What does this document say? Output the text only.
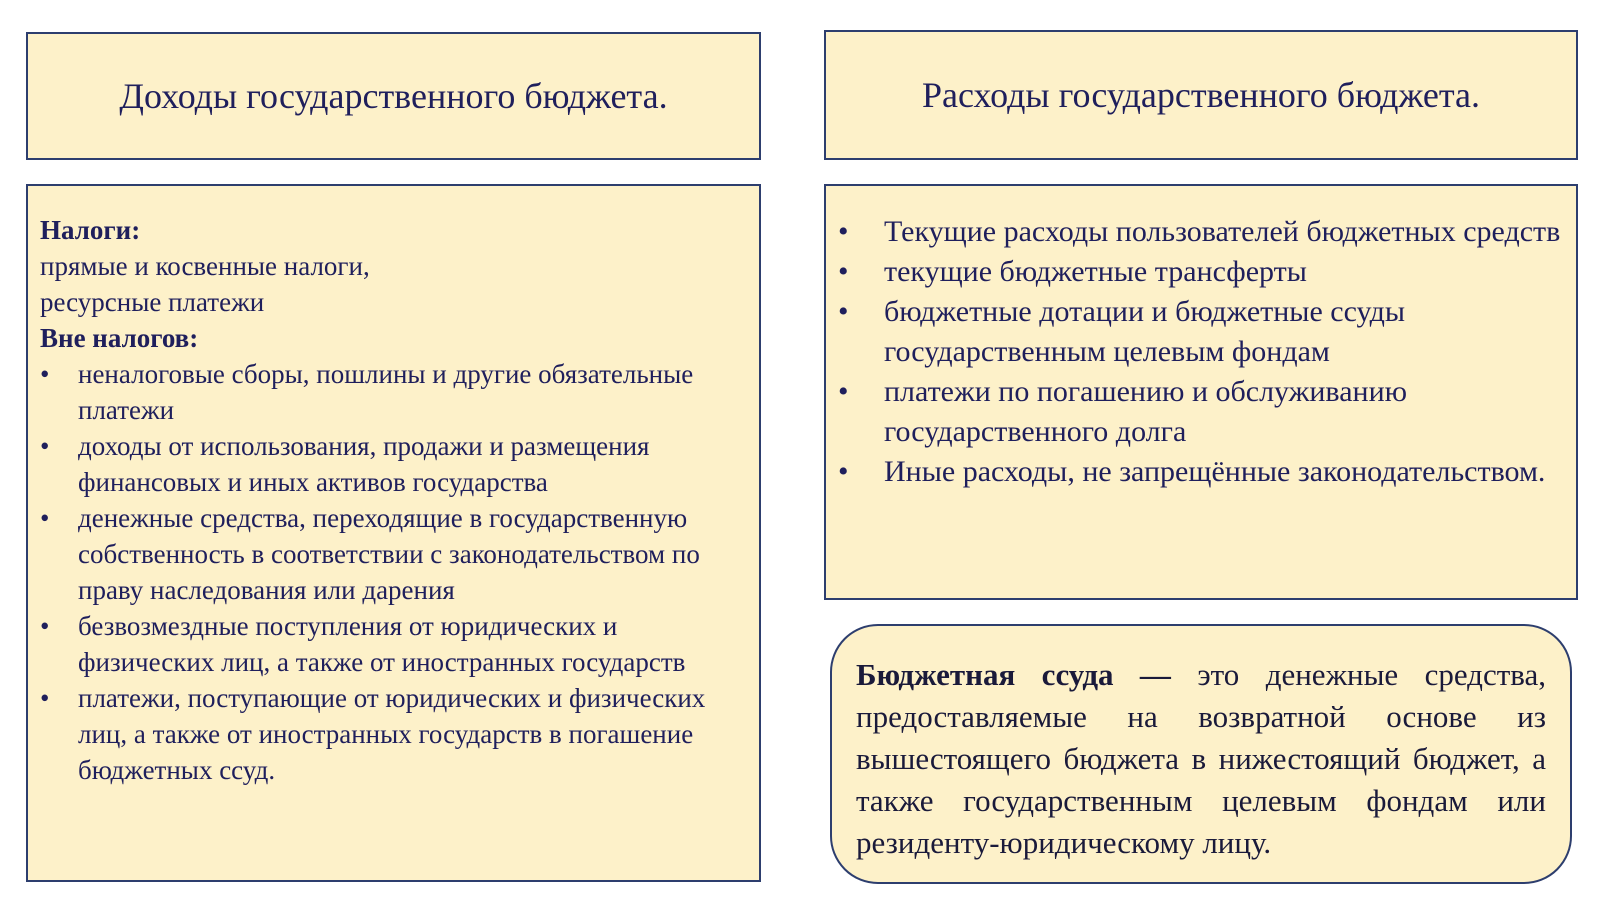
Доходы государственного бюджета.	Расходы государственного бюджета.
Налоги:
прямые и косвенные налоги,
ресурсные платежи
Вне налогов:
• неналоговые сборы, пошлины и другие обязательные платежи
• доходы от использования, продажи и размещения финансовых и иных активов государства
• денежные средства, переходящие в государственную собственность в соответствии с законодательством по праву наследования или дарения
• безвозмездные поступления от юридических и физических лиц, а также от иностранных государств
• платежи, поступающие от юридических и физических лиц, а также от иностранных государств в погашение бюджетных ссуд.
• Текущие расходы пользователей бюджетных средств
• текущие бюджетные трансферты
• бюджетные дотации и бюджетные ссуды государственным целевым фондам
• платежи по погашению и обслуживанию государственного долга
• Иные расходы, не запрещённые законодательством.
Бюджетная ссуда — это денежные средства, предоставляемые на возвратной основе из вышестоящего бюджета в нижестоящий бюджет, а также государственным целевым фондам или резиденту-юридическому лицу.
